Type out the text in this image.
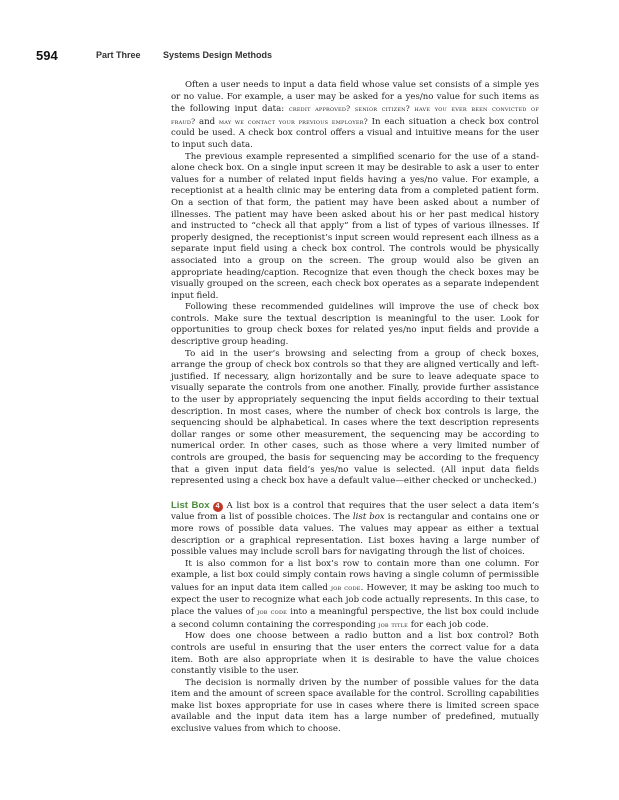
594	Part Three Systems Design Methods

Often a user needs to input a data field whose value set consists of a simple yes or no value. For example, a user may be asked for a yes/no value for such items as the following input data: credit approved? senior citizen? have you ever been convicted of fraud? and may we contact your previous employer? In each situation a check box control could be used. A check box control offers a visual and intuitive means for the user to input such data.

The previous example represented a simplified scenario for the use of a stand-alone check box. On a single input screen it may be desirable to ask a user to enter values for a number of related input fields having a yes/no value. For example, a receptionist at a health clinic may be entering data from a completed patient form. On a section of that form, the patient may have been asked about a number of illnesses. The patient may have been asked about his or her past medical history and instructed to “check all that apply” from a list of types of various illnesses. If properly designed, the receptionist’s input screen would represent each illness as a separate input field using a check box control. The controls would be physically associated into a group on the screen. The group would also be given an appropriate heading/caption. Recognize that even though the check boxes may be visually grouped on the screen, each check box operates as a separate independent input field.

Following these recommended guidelines will improve the use of check box controls. Make sure the textual description is meaningful to the user. Look for opportunities to group check boxes for related yes/no input fields and provide a descriptive group heading.

To aid in the user’s browsing and selecting from a group of check boxes, arrange the group of check box controls so that they are aligned vertically and left-justified. If necessary, align horizontally and be sure to leave adequate space to visually separate the controls from one another. Finally, provide further assistance to the user by appropriately sequencing the input fields according to their textual description. In most cases, where the number of check box controls is large, the sequencing should be alphabetical. In cases where the text description represents dollar ranges or some other measurement, the sequencing may be according to numerical order. In other cases, such as those where a very limited number of controls are grouped, the basis for sequencing may be according to the frequency that a given input data field’s yes/no value is selected. (All input data fields represented using a check box have a default value—either checked or unchecked.)

List Box 4 A list box is a control that requires that the user select a data item’s value from a list of possible choices. The list box is rectangular and contains one or more rows of possible data values. The values may appear as either a textual description or a graphical representation. List boxes having a large number of possible values may include scroll bars for navigating through the list of choices.

It is also common for a list box’s row to contain more than one column. For example, a list box could simply contain rows having a single column of permissible values for an input data item called job code. However, it may be asking too much to expect the user to recognize what each job code actually represents. In this case, to place the values of job code into a meaningful perspective, the list box could include a second column containing the corresponding job title for each job code.

How does one choose between a radio button and a list box control? Both controls are useful in ensuring that the user enters the correct value for a data item. Both are also appropriate when it is desirable to have the value choices constantly visible to the user.

The decision is normally driven by the number of possible values for the data item and the amount of screen space available for the control. Scrolling capabilities make list boxes appropriate for use in cases where there is limited screen space available and the input data item has a large number of predefined, mutually exclusive values from which to choose.
